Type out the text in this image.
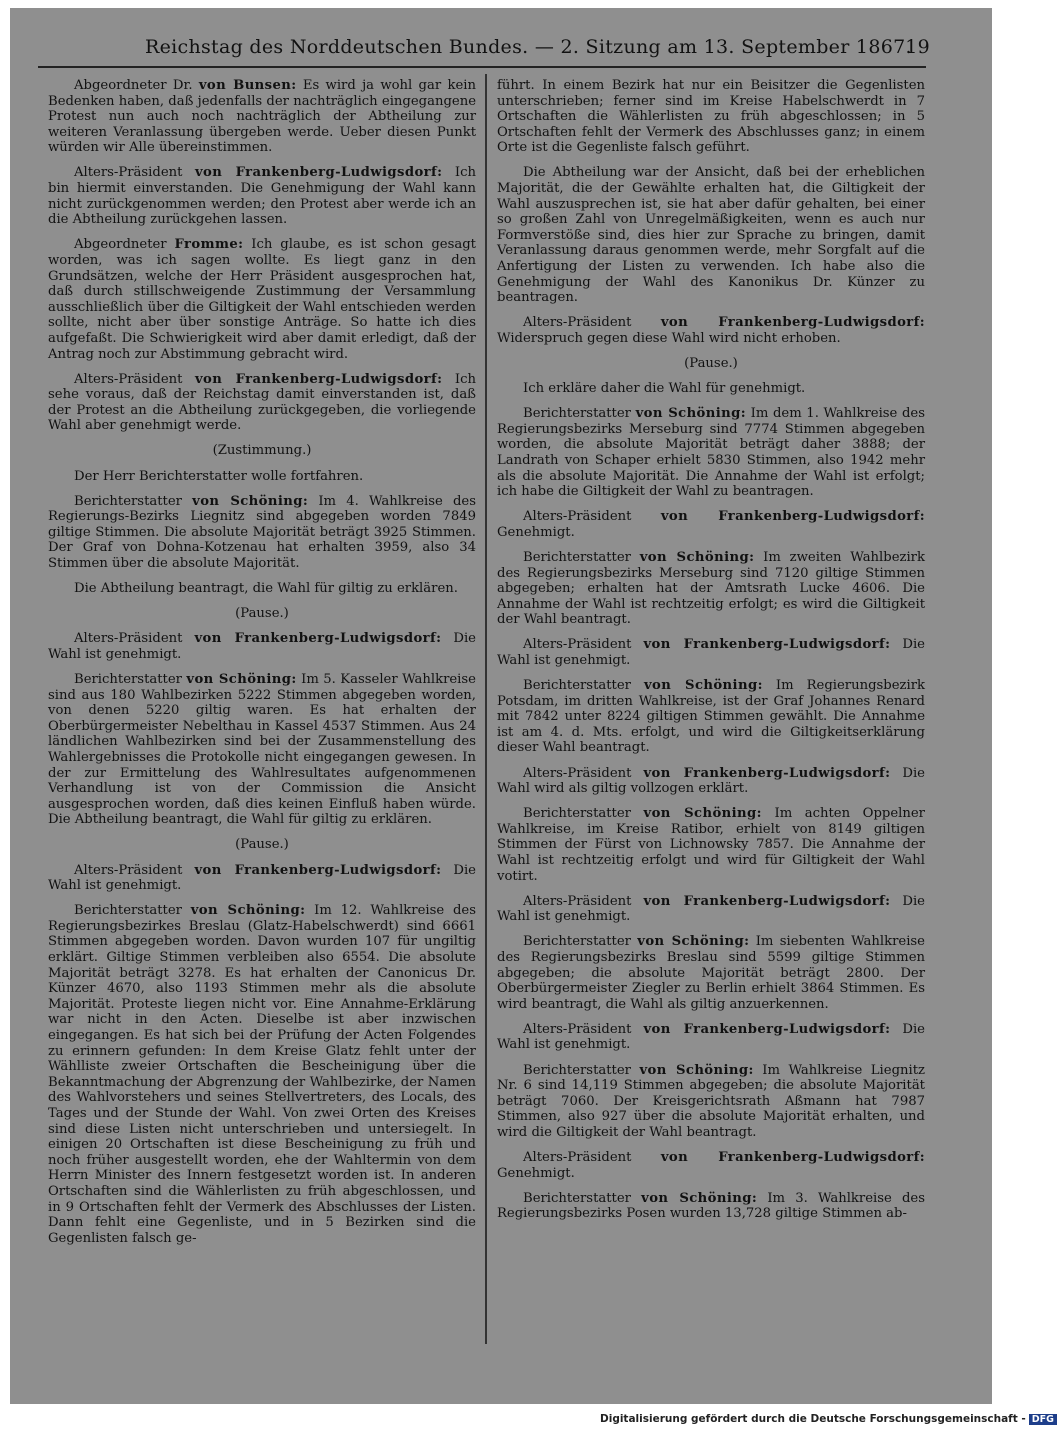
Reichstag des Norddeutschen Bundes. — 2. Sitzung am 13. September 1867.
19

Abgeordneter Dr. von Bunsen: Es wird ja wohl gar kein Bedenken haben, daß jedenfalls der nachträglich eingegangene Protest nun auch noch nachträglich der Abtheilung zur weiteren Veranlassung übergeben werde. Ueber diesen Punkt würden wir Alle übereinstimmen.

Alters-Präsident von Frankenberg-Ludwigsdorf: Ich bin hiermit einverstanden. Die Genehmigung der Wahl kann nicht zurückgenommen werden; den Protest aber werde ich an die Abtheilung zurückgehen lassen.

Abgeordneter Fromme: Ich glaube, es ist schon gesagt worden, was ich sagen wollte. Es liegt ganz in den Grundsätzen, welche der Herr Präsident ausgesprochen hat, daß durch stillschweigende Zustimmung der Versammlung ausschließlich über die Giltigkeit der Wahl entschieden werden sollte, nicht aber über sonstige Anträge. So hatte ich dies aufgefaßt. Die Schwierigkeit wird aber damit erledigt, daß der Antrag noch zur Abstimmung gebracht wird.

Alters-Präsident von Frankenberg-Ludwigsdorf: Ich sehe voraus, daß der Reichstag damit einverstanden ist, daß der Protest an die Abtheilung zurückgegeben, die vorliegende Wahl aber genehmigt werde.

(Zustimmung.)

Der Herr Berichterstatter wolle fortfahren.

Berichterstatter von Schöning: Im 4. Wahlkreise des Regierungs-Bezirks Liegnitz sind abgegeben worden 7849 giltige Stimmen. Die absolute Majorität beträgt 3925 Stimmen. Der Graf von Dohna-Kotzenau hat erhalten 3959, also 34 Stimmen über die absolute Majorität.

Die Abtheilung beantragt, die Wahl für giltig zu erklären.

(Pause.)

Alters-Präsident von Frankenberg-Ludwigsdorf: Die Wahl ist genehmigt.

Berichterstatter von Schöning: Im 5. Kasseler Wahlkreise sind aus 180 Wahlbezirken 5222 Stimmen abgegeben worden, von denen 5220 giltig waren. Es hat erhalten der Oberbürgermeister Nebelthau in Kassel 4537 Stimmen. Aus 24 ländlichen Wahlbezirken sind bei der Zusammenstellung des Wahlergebnisses die Protokolle nicht eingegangen gewesen. In der zur Ermittelung des Wahlresultates aufgenommenen Verhandlung ist von der Commission die Ansicht ausgesprochen worden, daß dies keinen Einfluß haben würde. Die Abtheilung beantragt, die Wahl für giltig zu erklären.

(Pause.)

Alters-Präsident von Frankenberg-Ludwigsdorf: Die Wahl ist genehmigt.

Berichterstatter von Schöning: Im 12. Wahlkreise des Regierungsbezirkes Breslau (Glatz-Habelschwerdt) sind 6661 Stimmen abgegeben worden. Davon wurden 107 für ungiltig erklärt. Giltige Stimmen verbleiben also 6554. Die absolute Majorität beträgt 3278. Es hat erhalten der Canonicus Dr. Künzer 4670, also 1193 Stimmen mehr als die absolute Majorität. Proteste liegen nicht vor. Eine Annahme-Erklärung war nicht in den Acten. Dieselbe ist aber inzwischen eingegangen. Es hat sich bei der Prüfung der Acten Folgendes zu erinnern gefunden: In dem Kreise Glatz fehlt unter der Wählliste zweier Ortschaften die Bescheinigung über die Bekanntmachung der Abgrenzung der Wahlbezirke, der Namen des Wahlvorstehers und seines Stellvertreters, des Locals, des Tages und der Stunde der Wahl. Von zwei Orten des Kreises sind diese Listen nicht unterschrieben und untersiegelt. In einigen 20 Ortschaften ist diese Bescheinigung zu früh und noch früher ausgestellt worden, ehe der Wahltermin von dem Herrn Minister des Innern festgesetzt worden ist. In anderen Ortschaften sind die Wählerlisten zu früh abgeschlossen, und in 9 Ortschaften fehlt der Vermerk des Abschlusses der Listen. Dann fehlt eine Gegenliste, und in 5 Bezirken sind die Gegenlisten falsch ge-

führt. In einem Bezirk hat nur ein Beisitzer die Gegenlisten unterschrieben; ferner sind im Kreise Habelschwerdt in 7 Ortschaften die Wählerlisten zu früh abgeschlossen; in 5 Ortschaften fehlt der Vermerk des Abschlusses ganz; in einem Orte ist die Gegenliste falsch geführt.

Die Abtheilung war der Ansicht, daß bei der erheblichen Majorität, die der Gewählte erhalten hat, die Giltigkeit der Wahl auszusprechen ist, sie hat aber dafür gehalten, bei einer so großen Zahl von Unregelmäßigkeiten, wenn es auch nur Formverstöße sind, dies hier zur Sprache zu bringen, damit Veranlassung daraus genommen werde, mehr Sorgfalt auf die Anfertigung der Listen zu verwenden. Ich habe also die Genehmigung der Wahl des Kanonikus Dr. Künzer zu beantragen.

Alters-Präsident von Frankenberg-Ludwigsdorf: Widerspruch gegen diese Wahl wird nicht erhoben.

(Pause.)

Ich erkläre daher die Wahl für genehmigt.

Berichterstatter von Schöning: Im dem 1. Wahlkreise des Regierungsbezirks Merseburg sind 7774 Stimmen abgegeben worden, die absolute Majorität beträgt daher 3888; der Landrath von Schaper erhielt 5830 Stimmen, also 1942 mehr als die absolute Majorität. Die Annahme der Wahl ist erfolgt; ich habe die Giltigkeit der Wahl zu beantragen.

Alters-Präsident von Frankenberg-Ludwigsdorf: Genehmigt.

Berichterstatter von Schöning: Im zweiten Wahlbezirk des Regierungsbezirks Merseburg sind 7120 giltige Stimmen abgegeben; erhalten hat der Amtsrath Lucke 4606. Die Annahme der Wahl ist rechtzeitig erfolgt; es wird die Giltigkeit der Wahl beantragt.

Alters-Präsident von Frankenberg-Ludwigsdorf: Die Wahl ist genehmigt.

Berichterstatter von Schöning: Im Regierungsbezirk Potsdam, im dritten Wahlkreise, ist der Graf Johannes Renard mit 7842 unter 8224 giltigen Stimmen gewählt. Die Annahme ist am 4. d. Mts. erfolgt, und wird die Giltigkeitserklärung dieser Wahl beantragt.

Alters-Präsident von Frankenberg-Ludwigsdorf: Die Wahl wird als giltig vollzogen erklärt.

Berichterstatter von Schöning: Im achten Oppelner Wahlkreise, im Kreise Ratibor, erhielt von 8149 giltigen Stimmen der Fürst von Lichnowsky 7857. Die Annahme der Wahl ist rechtzeitig erfolgt und wird für Giltigkeit der Wahl votirt.

Alters-Präsident von Frankenberg-Ludwigsdorf: Die Wahl ist genehmigt.

Berichterstatter von Schöning: Im siebenten Wahlkreise des Regierungsbezirks Breslau sind 5599 giltige Stimmen abgegeben; die absolute Majorität beträgt 2800. Der Oberbürgermeister Ziegler zu Berlin erhielt 3864 Stimmen. Es wird beantragt, die Wahl als giltig anzuerkennen.

Alters-Präsident von Frankenberg-Ludwigsdorf: Die Wahl ist genehmigt.

Berichterstatter von Schöning: Im Wahlkreise Liegnitz Nr. 6 sind 14,119 Stimmen abgegeben; die absolute Majorität beträgt 7060. Der Kreisgerichtsrath Aßmann hat 7987 Stimmen, also 927 über die absolute Majorität erhalten, und wird die Giltigkeit der Wahl beantragt.

Alters-Präsident von Frankenberg-Ludwigsdorf: Genehmigt.

Berichterstatter von Schöning: Im 3. Wahlkreise des Regierungsbezirks Posen wurden 13,728 giltige Stimmen ab-

Digitalisierung gefördert durch die Deutsche Forschungsgemeinschaft - DFG
